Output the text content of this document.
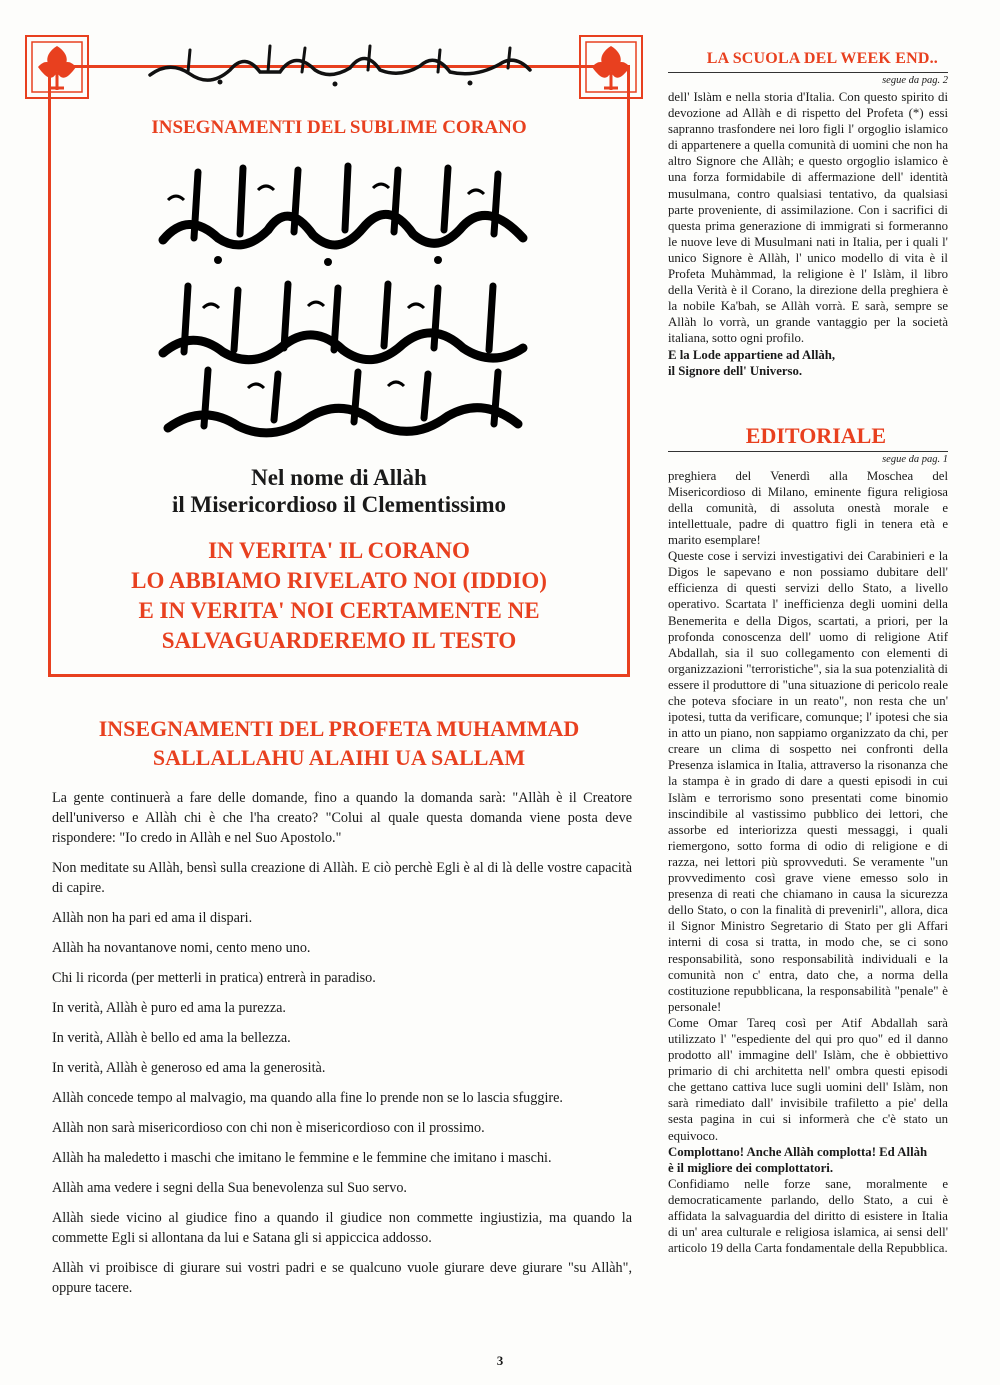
INSEGNAMENTI DEL SUBLIME CORANO
Nel nome di Allàh
il Misericordioso il Clementissimo
IN VERITA' IL CORANO
LO ABBIAMO RIVELATO NOI (IDDIO)
E IN VERITA' NOI CERTAMENTE NE
SALVAGUARDEREMO IL TESTO
INSEGNAMENTI DEL PROFETA MUHAMMAD
SALLALLAHU ALAIHI UA SALLAM

La gente continuerà a fare delle domande, fino a quando la domanda sarà: "Allàh è il Creatore dell'universo e Allàh chi è che l'ha creato? "Colui al quale questa domanda viene posta deve rispondere: "Io credo in Allàh e nel Suo Apostolo."

Non meditate su Allàh, bensì sulla creazione di Allàh. E ciò perchè Egli è al di là delle vostre capacità di capire.

Allàh non ha pari ed ama il dispari.

Allàh ha novantanove nomi, cento meno uno.

Chi li ricorda (per metterli in pratica) entrerà in paradiso.

In verità, Allàh è puro ed ama la purezza.

In verità, Allàh è bello ed ama la bellezza.

In verità, Allàh è generoso ed ama la generosità.

Allàh concede tempo al malvagio, ma quando alla fine lo prende non se lo lascia sfuggire.

Allàh non sarà misericordioso con chi non è misericordioso con il prossimo.

Allàh ha maledetto i maschi che imitano le femmine e le femmine che imitano i maschi.

Allàh ama vedere i segni della Sua benevolenza sul Suo servo.

Allàh siede vicino al giudice fino a quando il giudice non commette ingiustizia, ma quando la commette Egli si allontana da lui e Satana gli si appiccica addosso.

Allàh vi proibisce di giurare sui vostri padri e se qualcuno vuole giurare deve giurare "su Allàh", oppure tacere.

LA SCUOLA DEL WEEK END..
segue da pag. 2

dell' Islàm e nella storia d'Italia. Con questo spirito di devozione ad Allàh e di rispetto del Profeta (*) essi sapranno trasfondere nei loro figli l' orgoglio islamico di appartenere a quella comunità di uomini che non ha altro Signore che Allàh; e questo orgoglio islamico è una forza formidabile di affermazione dell' identità musulmana, contro qualsiasi tentativo, da qualsiasi parte proveniente, di assimilazione. Con i sacrifici di questa prima generazione di immigrati si formeranno le nuove leve di Musulmani nati in Italia, per i quali l' unico Signore è Allàh, l' unico modello di vita è il Profeta Muhàmmad, la religione è l' Islàm, il libro della Verità è il Corano, la direzione della preghiera è la nobile Ka'bah, se Allàh vorrà. E sarà, sempre se Allàh lo vorrà, un grande vantaggio per la società italiana, sotto ogni profilo.

E la Lode appartiene ad Allàh,

il Signore dell' Universo.

EDITORIALE
segue da pag. 1

preghiera del Venerdì alla Moschea del Misericordioso di Milano, eminente figura religiosa della comunità, di assoluta onestà morale e intellettuale, padre di quattro figli in tenera età e marito esemplare!

Queste cose i servizi investigativi dei Carabinieri e la Digos le sapevano e non possiamo dubitare dell' efficienza di questi servizi dello Stato, a livello operativo. Scartata l' inefficienza degli uomini della Benemerita e della Digos, scartati, a priori, per la profonda conoscenza dell' uomo di religione Atif Abdallah, sia il suo collegamento con elementi di organizzazioni "terroristiche", sia la sua potenzialità di essere il produttore di "una situazione di pericolo reale che poteva sfociare in un reato", non resta che un' ipotesi, tutta da verificare, comunque; l' ipotesi che sia in atto un piano, non sappiamo organizzato da chi, per creare un clima di sospetto nei confronti della Presenza islamica in Italia, attraverso la risonanza che la stampa è in grado di dare a questi episodi in cui Islàm e terrorismo sono presentati come binomio inscindibile al vastissimo pubblico dei lettori, che assorbe ed interiorizza questi messaggi, i quali riemergono, sotto forma di odio di religione e di razza, nei lettori più sprovveduti. Se veramente "un provvedimento così grave viene emesso solo in presenza di reati che chiamano in causa la sicurezza dello Stato, o con la finalità di prevenirli", allora, dica il Signor Ministro Segretario di Stato per gli Affari interni di cosa si tratta, in modo che, se ci sono responsabilità, sono responsabilità individuali e la comunità non c' entra, dato che, a norma della costituzione repubblicana, la responsabilità "penale" è personale!

Come Omar Tareq così per Atif Abdallah sarà utilizzato l' "espediente del qui pro quo" ed il danno prodotto all' immagine dell' Islàm, che è obbiettivo primario di chi architetta nell' ombra questi episodi che gettano cattiva luce sugli uomini dell' Islàm, non sarà rimediato dall' invisibile trafiletto a pie' della sesta pagina in cui si informerà che c'è stato un equivoco.

Complottano! Anche Allàh complotta! Ed Allàh

è il migliore dei complottatori.

Confidiamo nelle forze sane, moralmente e democraticamente parlando, dello Stato, a cui è affidata la salvaguardia del diritto di esistere in Italia di un' area culturale e religiosa islamica, ai sensi dell' articolo 19 della Carta fondamentale della Repubblica.

3
